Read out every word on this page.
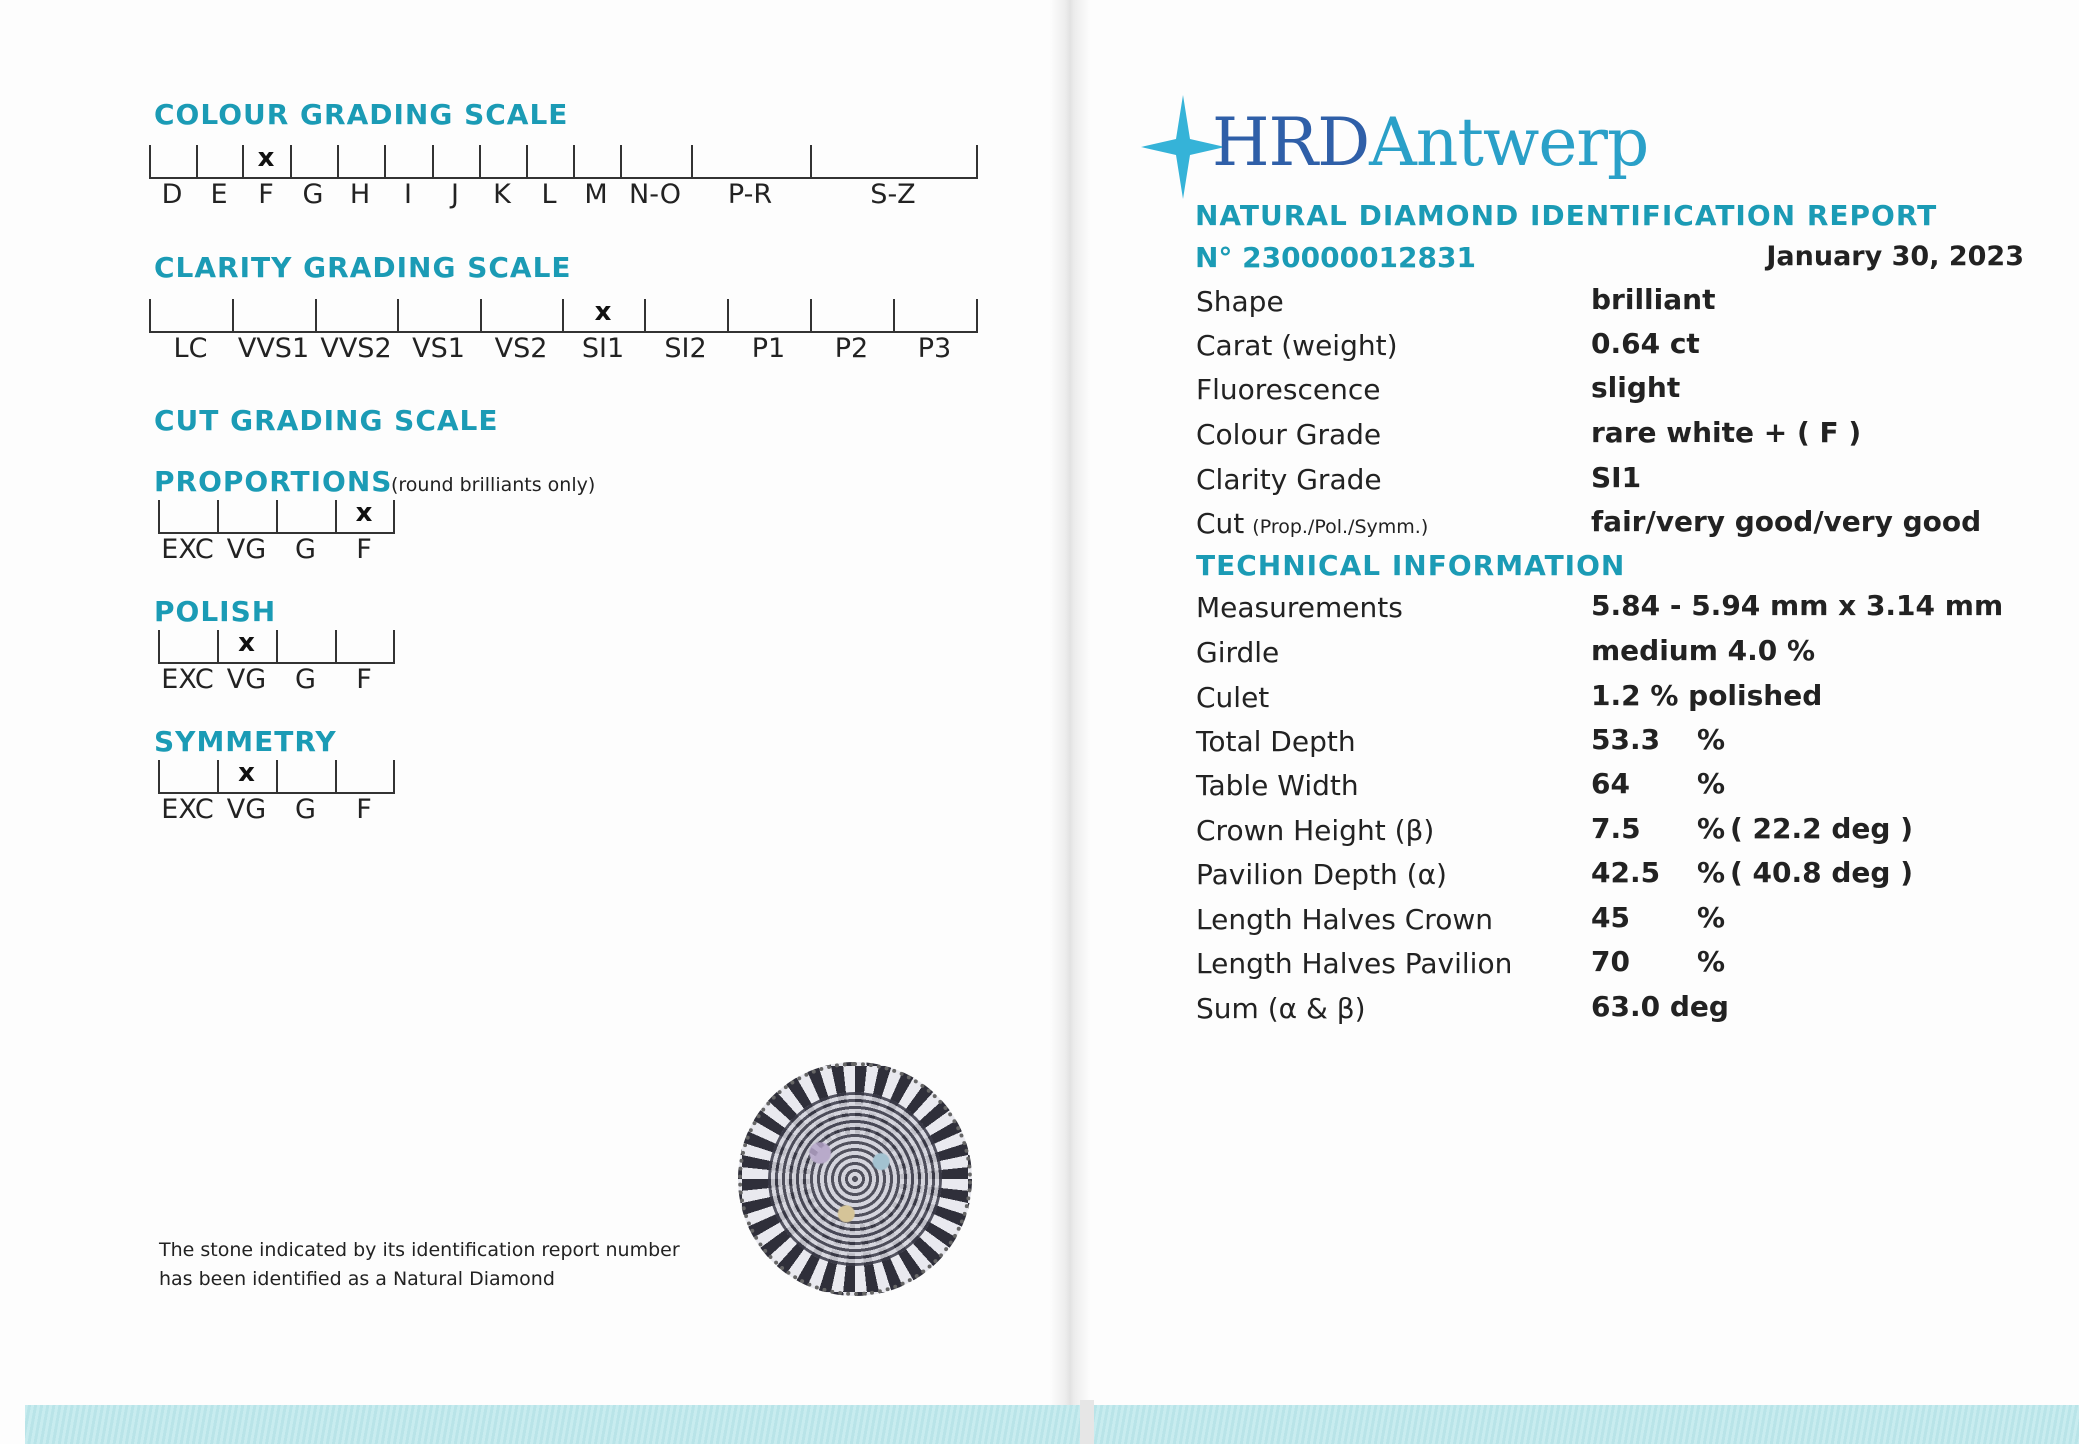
COLOUR GRADING SCALE
D E F
x
G H I J K L M N-O P-R	S-Z
CLARITY GRADING SCALE
LC VVS1 VVS2 VS1 VS2 SI1
x
SI2 P1 P2 P3
CUT GRADING SCALE
PROPORTIONS
(round brilliants only)
EXC VG G F
x
POLISH
EXC VG
x
G F
SYMMETRY
EXC VG
x
G F
The stone indicated by its identification report number
has been identified as a Natural Diamond
HRDAntwerp
NATURAL DIAMOND IDENTIFICATION REPORT
N° 230000012831	January 30, 2023
Shape	brilliant
Carat (weight)	0.64 ct
Fluorescence	slight
Colour Grade	rare white + ( F )
Clarity Grade	SI1
Cut (Prop./Pol./Symm.)	fair/very good/very good
TECHNICAL INFORMATION
Measurements	5.84 - 5.94 mm x 3.14 mm
Girdle	medium 4.0 %
Culet	1.2 % polished
Total Depth	53.3 %
Table Width	64 %
Crown Height (β)	7.5 % ( 22.2 deg )
Pavilion Depth (α)	42.5 % ( 40.8 deg )
Length Halves Crown	45 %
Length Halves Pavilion	70 %
Sum (α & β)	63.0 deg
